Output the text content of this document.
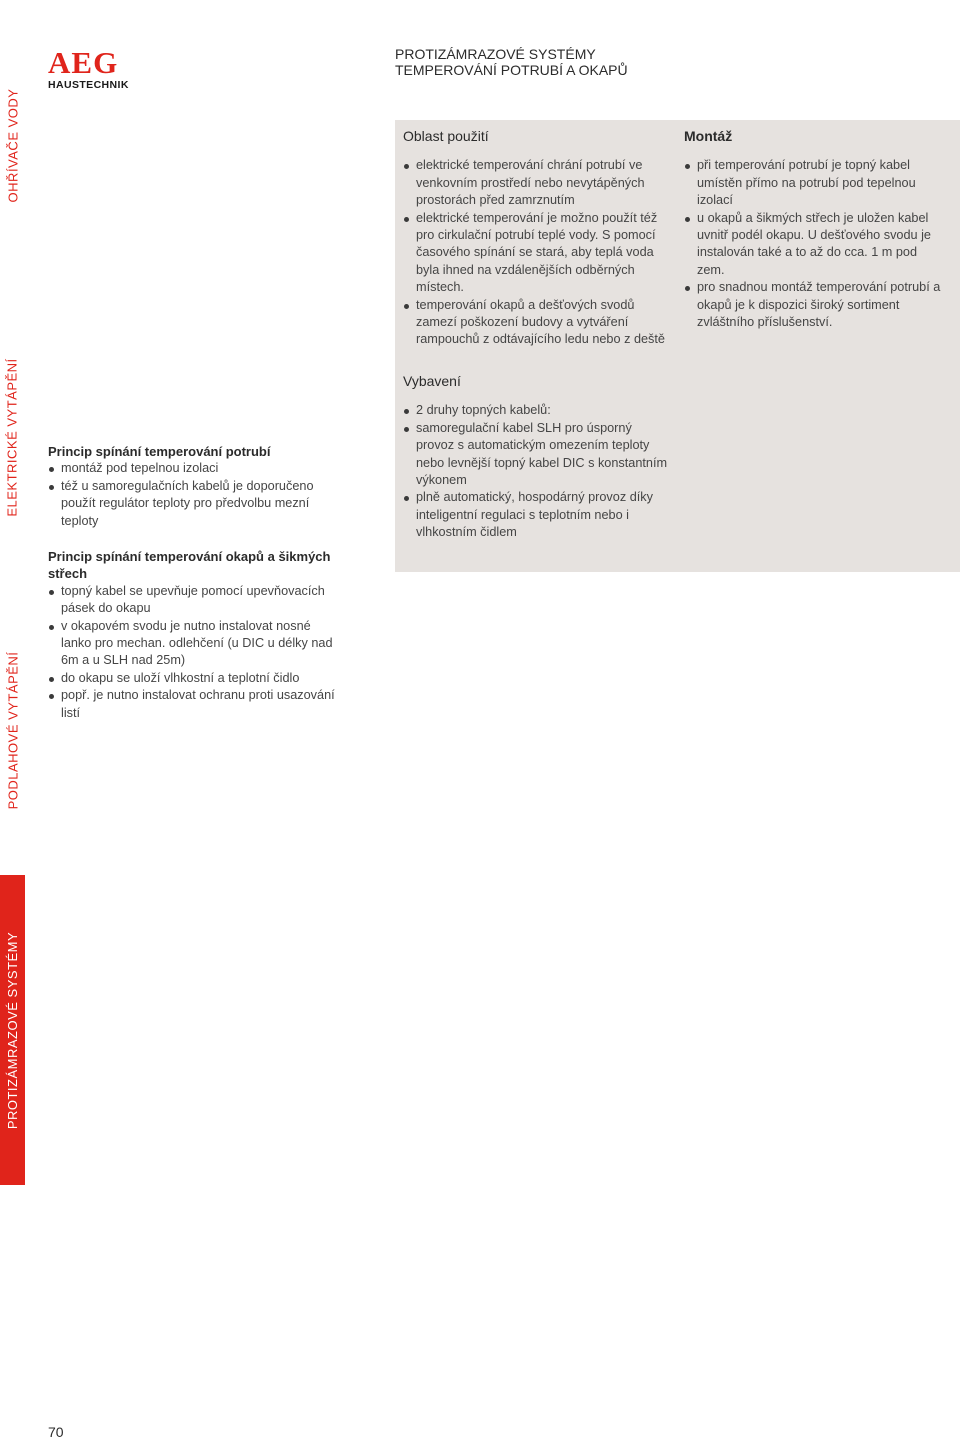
OHŘÍVAČE VODY
ELEKTRICKÉ VYTÁPĚNÍ
PODLAHOVÉ VYTÁPĚNÍ
PROTIZÁMRAZOVÉ SYSTÉMY
AEG
HAUSTECHNIK
PROTIZÁMRAZOVÉ SYSTÉMY
TEMPEROVÁNÍ POTRUBÍ A OKAPŮ
Princip spínání temperování potrubí
montáž pod tepelnou izolaci
též u samoregulačních kabelů je doporučeno použít regulátor teploty pro předvolbu mezní teploty
Princip spínání temperování okapů a šikmých střech
topný kabel se upevňuje pomocí upevňovacích pásek do okapu
v okapovém svodu je nutno instalovat nosné lanko pro mechan. odlehčení (u DIC u délky nad 6m a u SLH nad 25m)
do okapu se uloží vlhkostní a teplotní čidlo
popř. je nutno instalovat ochranu proti usazování listí
Oblast použití
elektrické temperování chrání potrubí ve venkovním prostředí nebo nevytápěných prostorách před zamrznutím
elektrické temperování je možno použít též pro cirkulační potrubí teplé vody. S pomocí časového spínání se stará, aby teplá voda byla ihned na vzdálenějších odběrných místech.
temperování okapů a dešťových svodů zamezí poškození budovy a vytváření rampouchů z odtávajícího ledu nebo z deště
Vybavení
2 druhy topných kabelů:
samoregulační kabel SLH pro úsporný provoz s automatickým omezením teploty nebo levnější topný kabel DIC s konstantním výkonem
plně automatický, hospodárný provoz díky inteligentní regulaci s teplotním nebo i vlhkostním čidlem
Montáž
při temperování potrubí je topný kabel umístěn přímo na potrubí pod tepelnou izolací
u okapů a šikmých střech je uložen kabel uvnitř podél okapu. U dešťového svodu je instalován také a to až do cca. 1 m pod zem.
pro snadnou montáž temperování potrubí a okapů je k dispozici široký sortiment zvláštního příslušenství.
70
